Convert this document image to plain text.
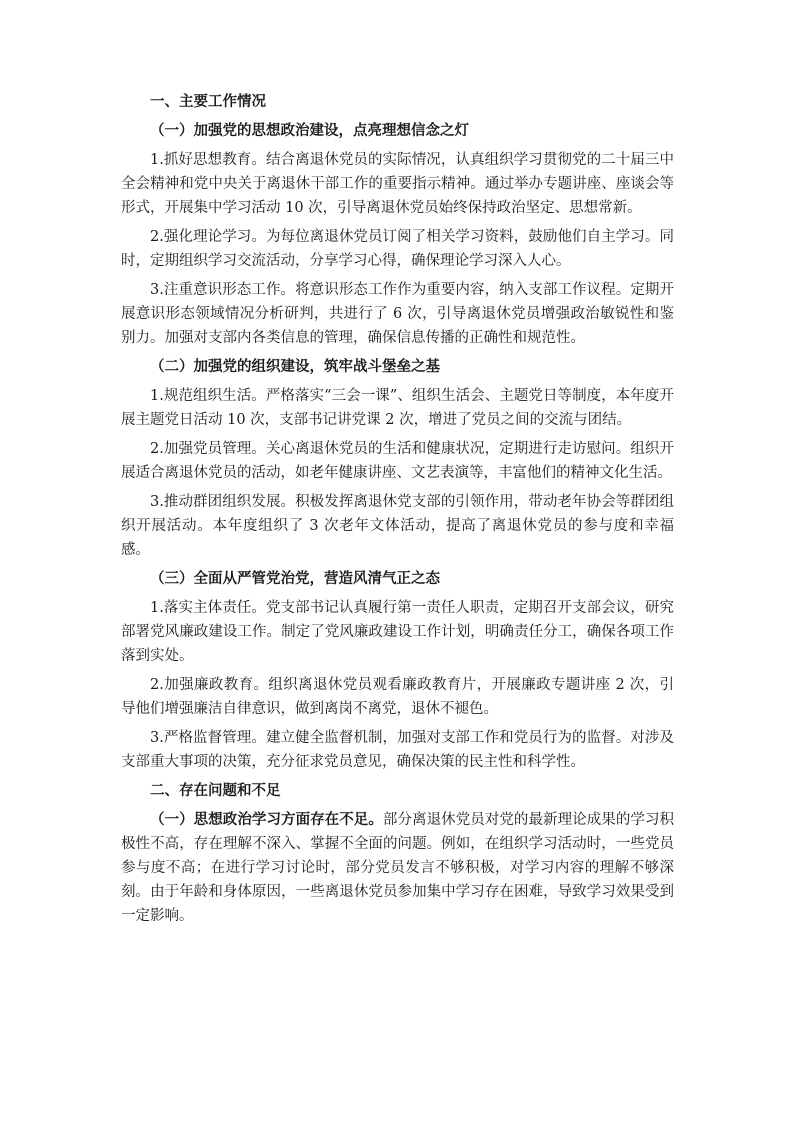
一、主要工作情况
（一）加强党的思想政治建设，点亮理想信念之灯
1.抓好思想教育。结合离退休党员的实际情况，认真组织学习贯彻党的二十届三中全会精神和党中央关于离退休干部工作的重要指示精神。通过举办专题讲座、座谈会等形式，开展集中学习活动 10 次，引导离退休党员始终保持政治坚定、思想常新。
2.强化理论学习。为每位离退休党员订阅了相关学习资料，鼓励他们自主学习。同时，定期组织学习交流活动，分享学习心得，确保理论学习深入人心。
3.注重意识形态工作。将意识形态工作作为重要内容，纳入支部工作议程。定期开展意识形态领域情况分析研判，共进行了 6 次，引导离退休党员增强政治敏锐性和鉴别力。加强对支部内各类信息的管理，确保信息传播的正确性和规范性。
（二）加强党的组织建设，筑牢战斗堡垒之基
1.规范组织生活。严格落实“三会一课”、组织生活会、主题党日等制度，本年度开展主题党日活动 10 次，支部书记讲党课 2 次，增进了党员之间的交流与团结。
2.加强党员管理。关心离退休党员的生活和健康状况，定期进行走访慰问。组织开展适合离退休党员的活动，如老年健康讲座、文艺表演等，丰富他们的精神文化生活。
3.推动群团组织发展。积极发挥离退休党支部的引领作用，带动老年协会等群团组织开展活动。本年度组织了 3 次老年文体活动，提高了离退休党员的参与度和幸福感。
（三）全面从严管党治党，营造风清气正之态
1.落实主体责任。党支部书记认真履行第一责任人职责，定期召开支部会议，研究部署党风廉政建设工作。制定了党风廉政建设工作计划，明确责任分工，确保各项工作落到实处。
2.加强廉政教育。组织离退休党员观看廉政教育片，开展廉政专题讲座 2 次，引导他们增强廉洁自律意识，做到离岗不离党，退休不褪色。
3.严格监督管理。建立健全监督机制，加强对支部工作和党员行为的监督。对涉及支部重大事项的决策，充分征求党员意见，确保决策的民主性和科学性。
二、存在问题和不足
（一）思想政治学习方面存在不足。部分离退休党员对党的最新理论成果的学习积极性不高，存在理解不深入、掌握不全面的问题。例如，在组织学习活动时，一些党员参与度不高；在进行学习讨论时，部分党员发言不够积极，对学习内容的理解不够深刻。由于年龄和身体原因，一些离退休党员参加集中学习存在困难，导致学习效果受到一定影响。
